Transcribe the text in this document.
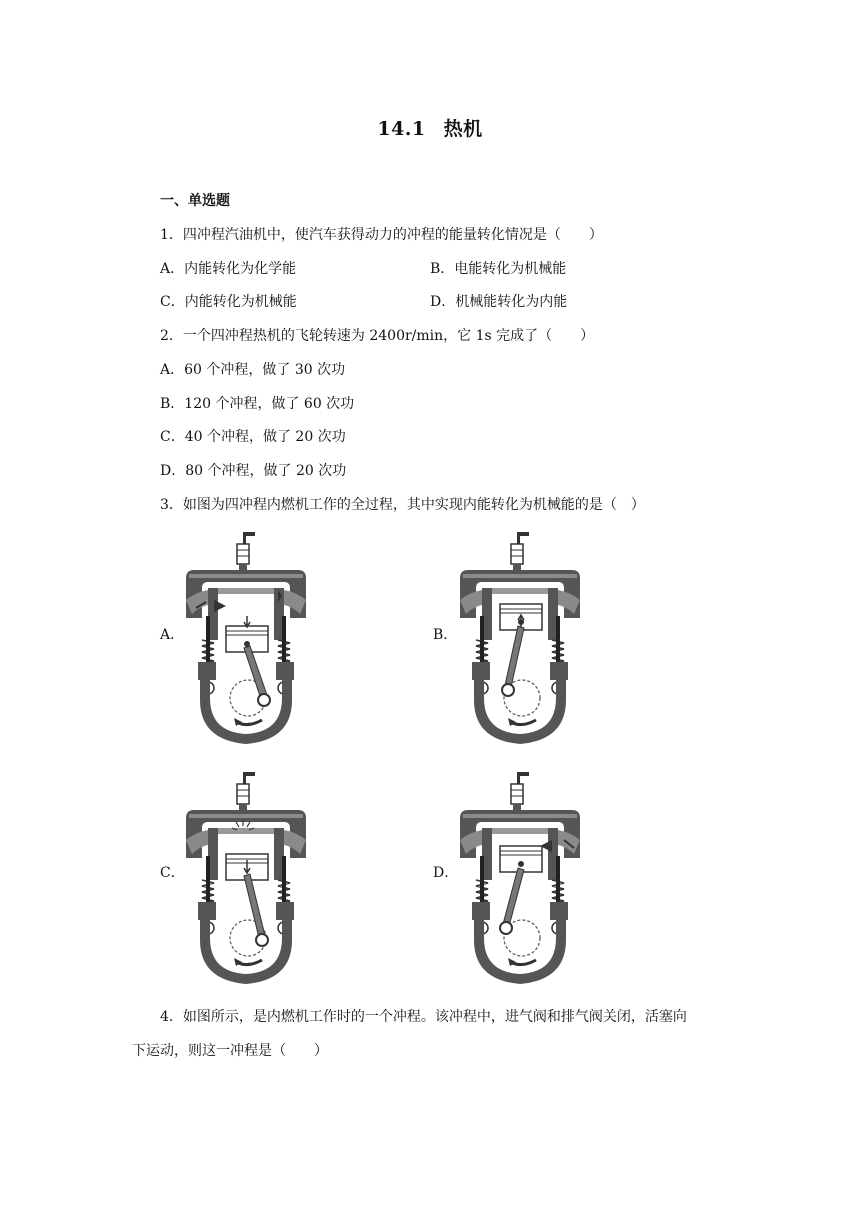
14.1 热机
一、单选题
1．四冲程汽油机中，使汽车获得动力的冲程的能量转化情况是（　　）
A．内能转化为化学能	B．电能转化为机械能
C．内能转化为机械能	D．机械能转化为内能
2．一个四冲程热机的飞轮转速为 2400r/min，它 1s 完成了（　　）
A．60 个冲程，做了 30 次功
B．120 个冲程，做了 60 次功
C．40 个冲程，做了 20 次功
D．80 个冲程，做了 20 次功
3．如图为四冲程内燃机工作的全过程，其中实现内能转化为机械能的是（　）
A．	B．
C．	D．
4．如图所示，是内燃机工作时的一个冲程。该冲程中，进气阀和排气阀关闭，活塞向
下运动，则这一冲程是（　　）
